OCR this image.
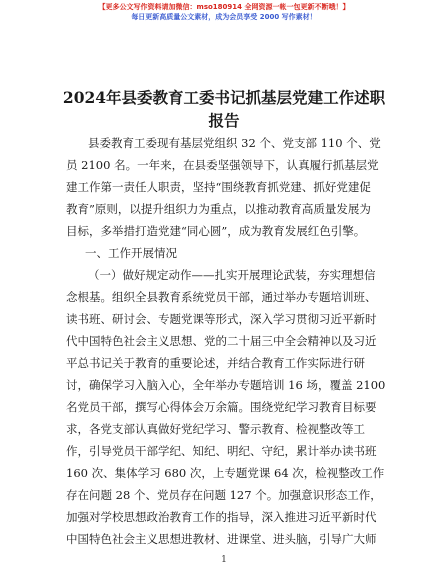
【更多公文写作资料请加微信：mso180914 全网资源一帐一包更新不断哦！】
每日更新高质量公文素材，成为会员享受 2000 写作素材！
2024年县委教育工委书记抓基层党建工作述职
报告
县委教育工委现有基层党组织 32 个、党支部 110 个、党
员 2100 名。一年来，在县委坚强领导下，认真履行抓基层党
建工作第一责任人职责，坚持“围绕教育抓党建、抓好党建促
教育”原则，以提升组织力为重点，以推动教育高质量发展为
目标，多举措打造党建“同心圆”，成为教育发展红色引擎。
一、工作开展情况
（一）做好规定动作——扎实开展理论武装，夯实理想信
念根基。组织全县教育系统党员干部，通过举办专题培训班、
读书班、研讨会、专题党课等形式，深入学习贯彻习近平新时
代中国特色社会主义思想、党的二十届三中全会精神以及习近
平总书记关于教育的重要论述，并结合教育工作实际进行研
讨，确保学习入脑入心，全年举办专题培训 16 场，覆盖 2100
名党员干部，撰写心得体会万余篇。围绕党纪学习教育目标要
求，各党支部认真做好党纪学习、警示教育、检视整改等工
作，引导党员干部学纪、知纪、明纪、守纪，累计举办读书班
160 次、集体学习 680 次，上专题党课 64 次，检视整改工作
存在问题 28 个、党员存在问题 127 个。加强意识形态工作，
加强对学校思想政治教育工作的指导，深入推进习近平新时代
中国特色社会主义思想进教材、进课堂、进头脑，引导广大师
1
